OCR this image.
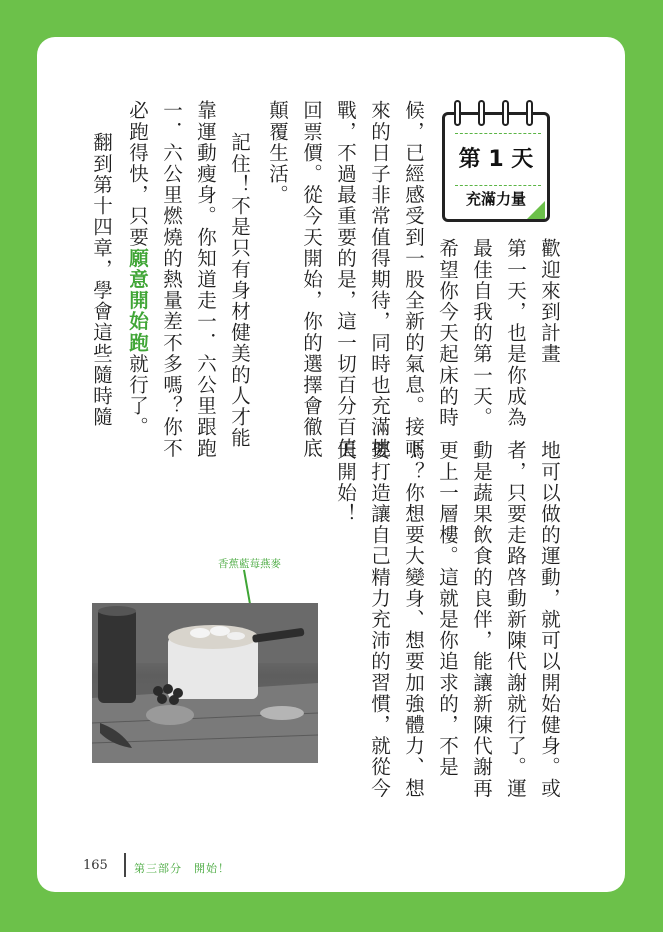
第 1 天
充滿力量
歡迎來到計畫
第一天，也是你成為
最佳自我的第一天。
希望你今天起床的時
候，已經感受到一股全新的氣息。接下
來的日子非常值得期待，同時也充滿挑
戰，不過最重要的是，這一切百分百值
回票價。從今天開始，你的選擇會徹底
顛覆生活。
記住！不是只有身材健美的人才能
靠運動瘦身。你知道走一．六公里跟跑
一．六公里燃燒的熱量差不多嗎？你不
必跑得快，只要願意開始跑就行了。
翻到第十四章，學會這些隨時隨
地可以做的運動，就可以開始健身。或
者，只要走路啓動新陳代謝就行了。運
動是蔬果飲食的良伴，能讓新陳代謝再
更上一層樓。這就是你追求的，不是
嗎？你想要大變身、想要加強體力、想
要打造讓自己精力充沛的習慣，就從今
天開始！
香蕉藍莓燕麥
165 第三部分　開始！
